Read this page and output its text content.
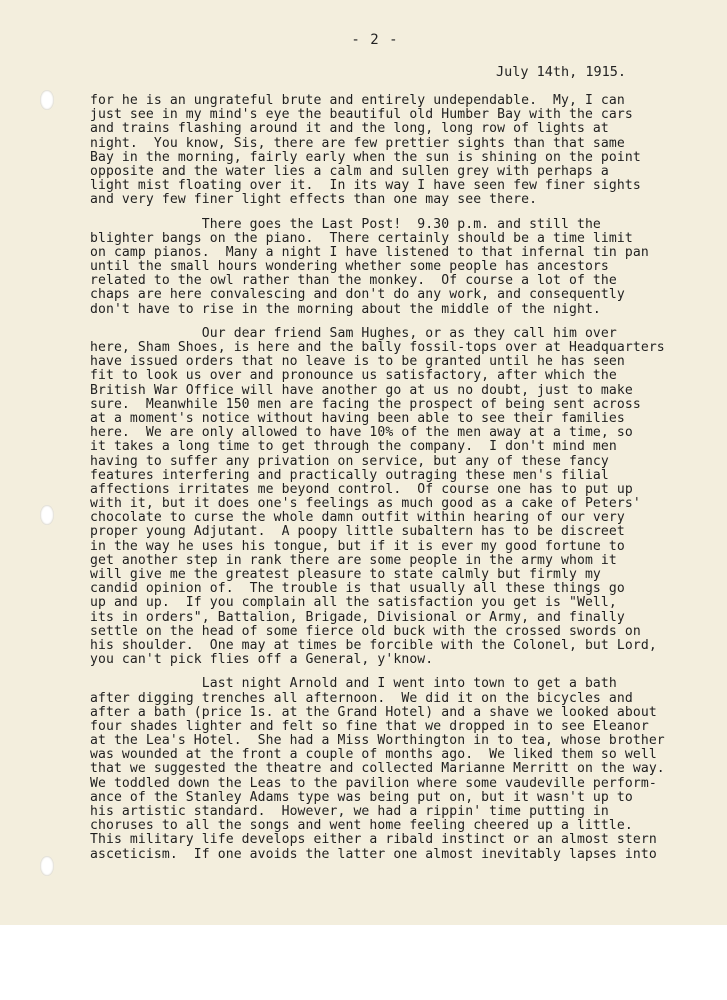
- 2 -
July 14th, 1915.
for he is an ungrateful brute and entirely undependable.  My, I can
just see in my mind's eye the beautiful old Humber Bay with the cars
and trains flashing around it and the long, long row of lights at
night.  You know, Sis, there are few prettier sights than that same
Bay in the morning, fairly early when the sun is shining on the point
opposite and the water lies a calm and sullen grey with perhaps a
light mist floating over it.  In its way I have seen few finer sights
and very few finer light effects than one may see there.
There goes the Last Post!  9.30 p.m. and still the
blighter bangs on the piano.  There certainly should be a time limit
on camp pianos.  Many a night I have listened to that infernal tin pan
until the small hours wondering whether some people has ancestors
related to the owl rather than the monkey.  Of course a lot of the
chaps are here convalescing and don't do any work, and consequently
don't have to rise in the morning about the middle of the night.
Our dear friend Sam Hughes, or as they call him over
here, Sham Shoes, is here and the bally fossil-tops over at Headquarters
have issued orders that no leave is to be granted until he has seen
fit to look us over and pronounce us satisfactory, after which the
British War Office will have another go at us no doubt, just to make
sure.  Meanwhile 150 men are facing the prospect of being sent across
at a moment's notice without having been able to see their families
here.  We are only allowed to have 10% of the men away at a time, so
it takes a long time to get through the company.  I don't mind men
having to suffer any privation on service, but any of these fancy
features interfering and practically outraging these men's filial
affections irritates me beyond control.  Of course one has to put up
with it, but it does one's feelings as much good as a cake of Peters'
chocolate to curse the whole damn outfit within hearing of our very
proper young Adjutant.  A poopy little subaltern has to be discreet
in the way he uses his tongue, but if it is ever my good fortune to
get another step in rank there are some people in the army whom it
will give me the greatest pleasure to state calmly but firmly my
candid opinion of.  The trouble is that usually all these things go
up and up.  If you complain all the satisfaction you get is "Well,
its in orders", Battalion, Brigade, Divisional or Army, and finally
settle on the head of some fierce old buck with the crossed swords on
his shoulder.  One may at times be forcible with the Colonel, but Lord,
you can't pick flies off a General, y'know.
Last night Arnold and I went into town to get a bath
after digging trenches all afternoon.  We did it on the bicycles and
after a bath (price 1s. at the Grand Hotel) and a shave we looked about
four shades lighter and felt so fine that we dropped in to see Eleanor
at the Lea's Hotel.  She had a Miss Worthington in to tea, whose brother
was wounded at the front a couple of months ago.  We liked them so well
that we suggested the theatre and collected Marianne Merritt on the way.
We toddled down the Leas to the pavilion where some vaudeville perform-
ance of the Stanley Adams type was being put on, but it wasn't up to
his artistic standard.  However, we had a rippin' time putting in
choruses to all the songs and went home feeling cheered up a little.
This military life develops either a ribald instinct or an almost stern
asceticism.  If one avoids the latter one almost inevitably lapses into
